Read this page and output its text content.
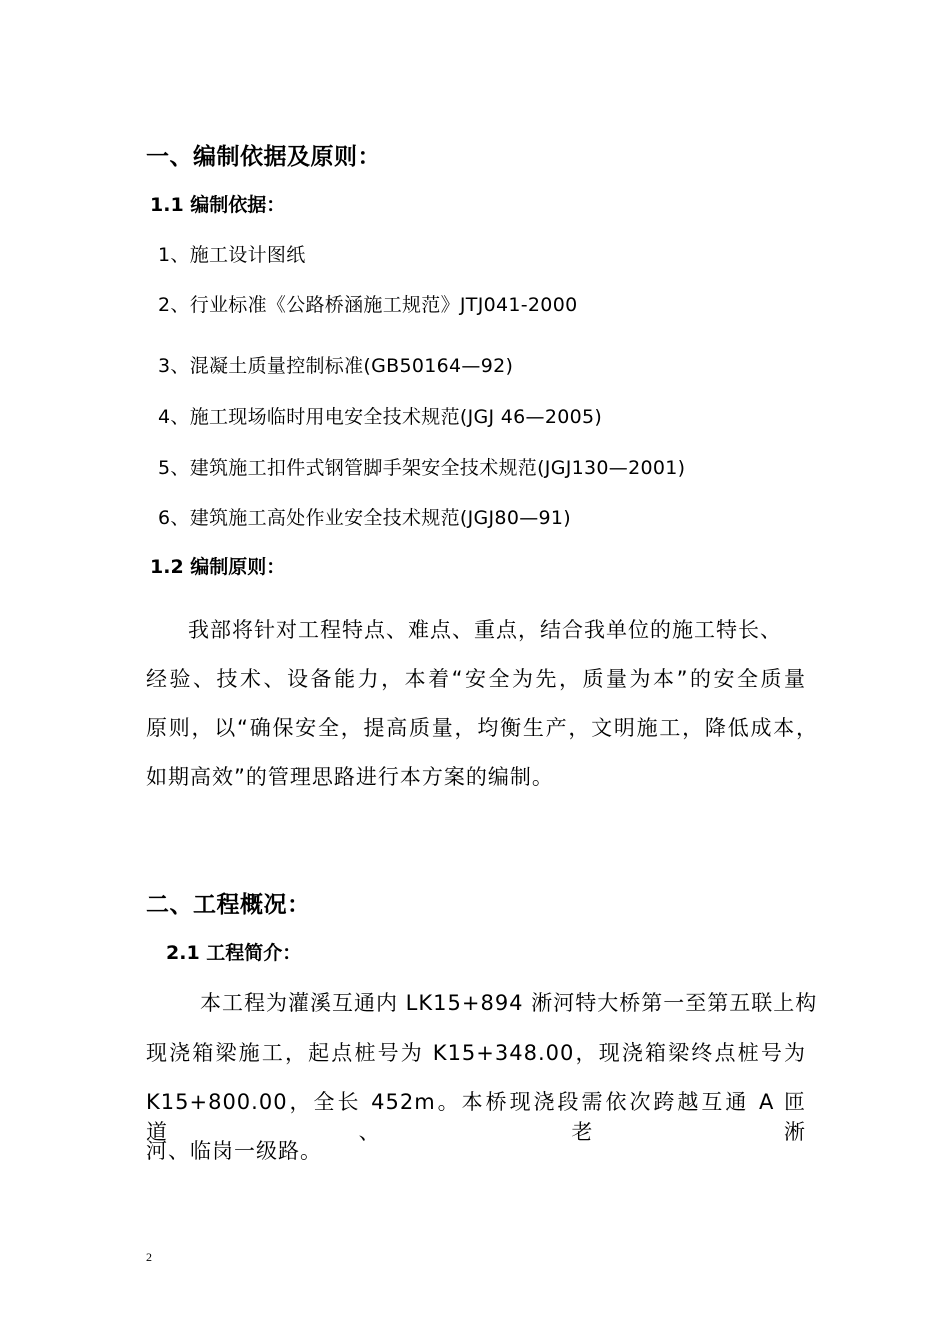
一、编制依据及原则：
1.1 编制依据：
1、施工设计图纸
2、行业标准《公路桥涵施工规范》JTJ041-2000
3、混凝土质量控制标准(GB50164—92)
4、施工现场临时用电安全技术规范(JGJ 46—2005)
5、建筑施工扣件式钢管脚手架安全技术规范(JGJ130—2001)
6、建筑施工高处作业安全技术规范(JGJ80—91)
1.2 编制原则：
我部将针对工程特点、难点、重点，结合我单位的施工特长、
经验、技术、设备能力，本着“安全为先，质量为本”的安全质量
原则，以“确保安全，提高质量，均衡生产，文明施工，降低成本，
如期高效”的管理思路进行本方案的编制。
二、工程概况：
2.1 工程简介：
本工程为灌溪互通内 LK15+894 淅河特大桥第一至第五联上构
现浇箱梁施工，起点桩号为 K15+348.00，现浇箱梁终点桩号为
K15+800.00，全长 452m。本桥现浇段需依次跨越互通 A 匝道、老淅
河、临岗一级路。
2
